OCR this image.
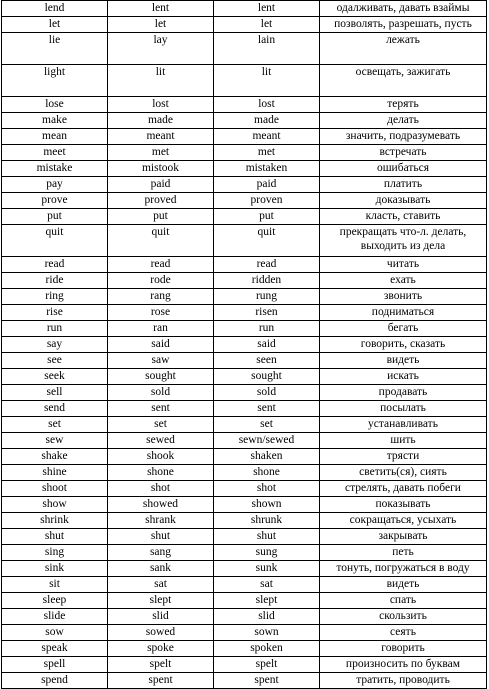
lend	lent	lent	одалживать, давать взаймы
let	let	let	позволять, разрешать, пусть
lie	lay	lain	лежать
light	lit	lit	освещать, зажигать
lose	lost	lost	терять
make	made	made	делать
mean	meant	meant	значить, подразумевать
meet	met	met	встречать
mistake	mistook	mistaken	ошибаться
pay	paid	paid	платить
prove	proved	proven	доказывать
put	put	put	класть, ставить
quit	quit	quit	прекращать что-л. делать, выходить из дела
read	read	read	читать
ride	rode	ridden	ехать
ring	rang	rung	звонить
rise	rose	risen	подниматься
run	ran	run	бегать
say	said	said	говорить, сказать
see	saw	seen	видеть
seek	sought	sought	искать
sell	sold	sold	продавать
send	sent	sent	посылать
set	set	set	устанавливать
sew	sewed	sewn/sewed	шить
shake	shook	shaken	трясти
shine	shone	shone	светить(ся), сиять
shoot	shot	shot	стрелять, давать побеги
show	showed	shown	показывать
shrink	shrank	shrunk	сокращаться, усыхать
shut	shut	shut	закрывать
sing	sang	sung	петь
sink	sank	sunk	тонуть, погружаться в воду
sit	sat	sat	видеть
sleep	slept	slept	спать
slide	slid	slid	скользить
sow	sowed	sown	сеять
speak	spoke	spoken	говорить
spell	spelt	spelt	произносить по буквам
spend	spent	spent	тратить, проводить
